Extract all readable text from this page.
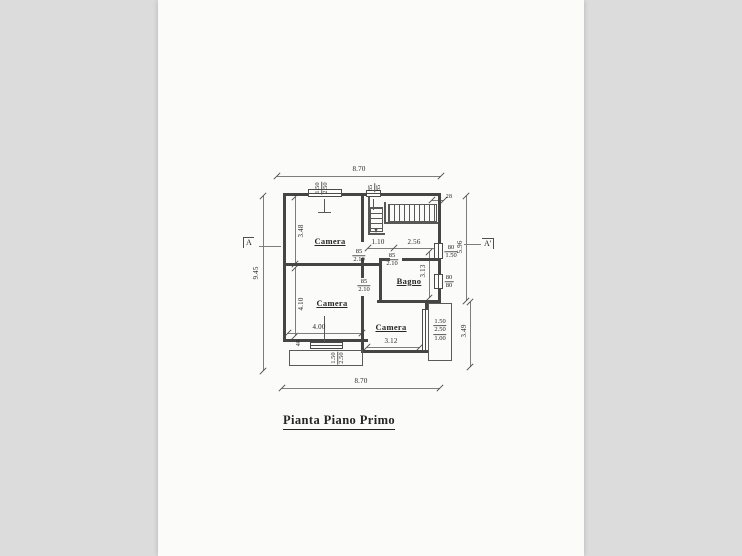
8.70
8.70
9.45
5.96
3.49
3.48
4.10
4.00
3.12
1.10	2.56
3.13
28
40
1.50 2.50	85 85
$\frac{85}{2.10}$	$\frac{85}{2.10}$
$\frac{85}{2.10}$
$\frac{80}{1.50}$
$\frac{80}{80}$
1.50
2.50
1.00
1.50 2.50
Camera
Camera
Camera
Bagno
A	A'
Pianta Piano Primo
